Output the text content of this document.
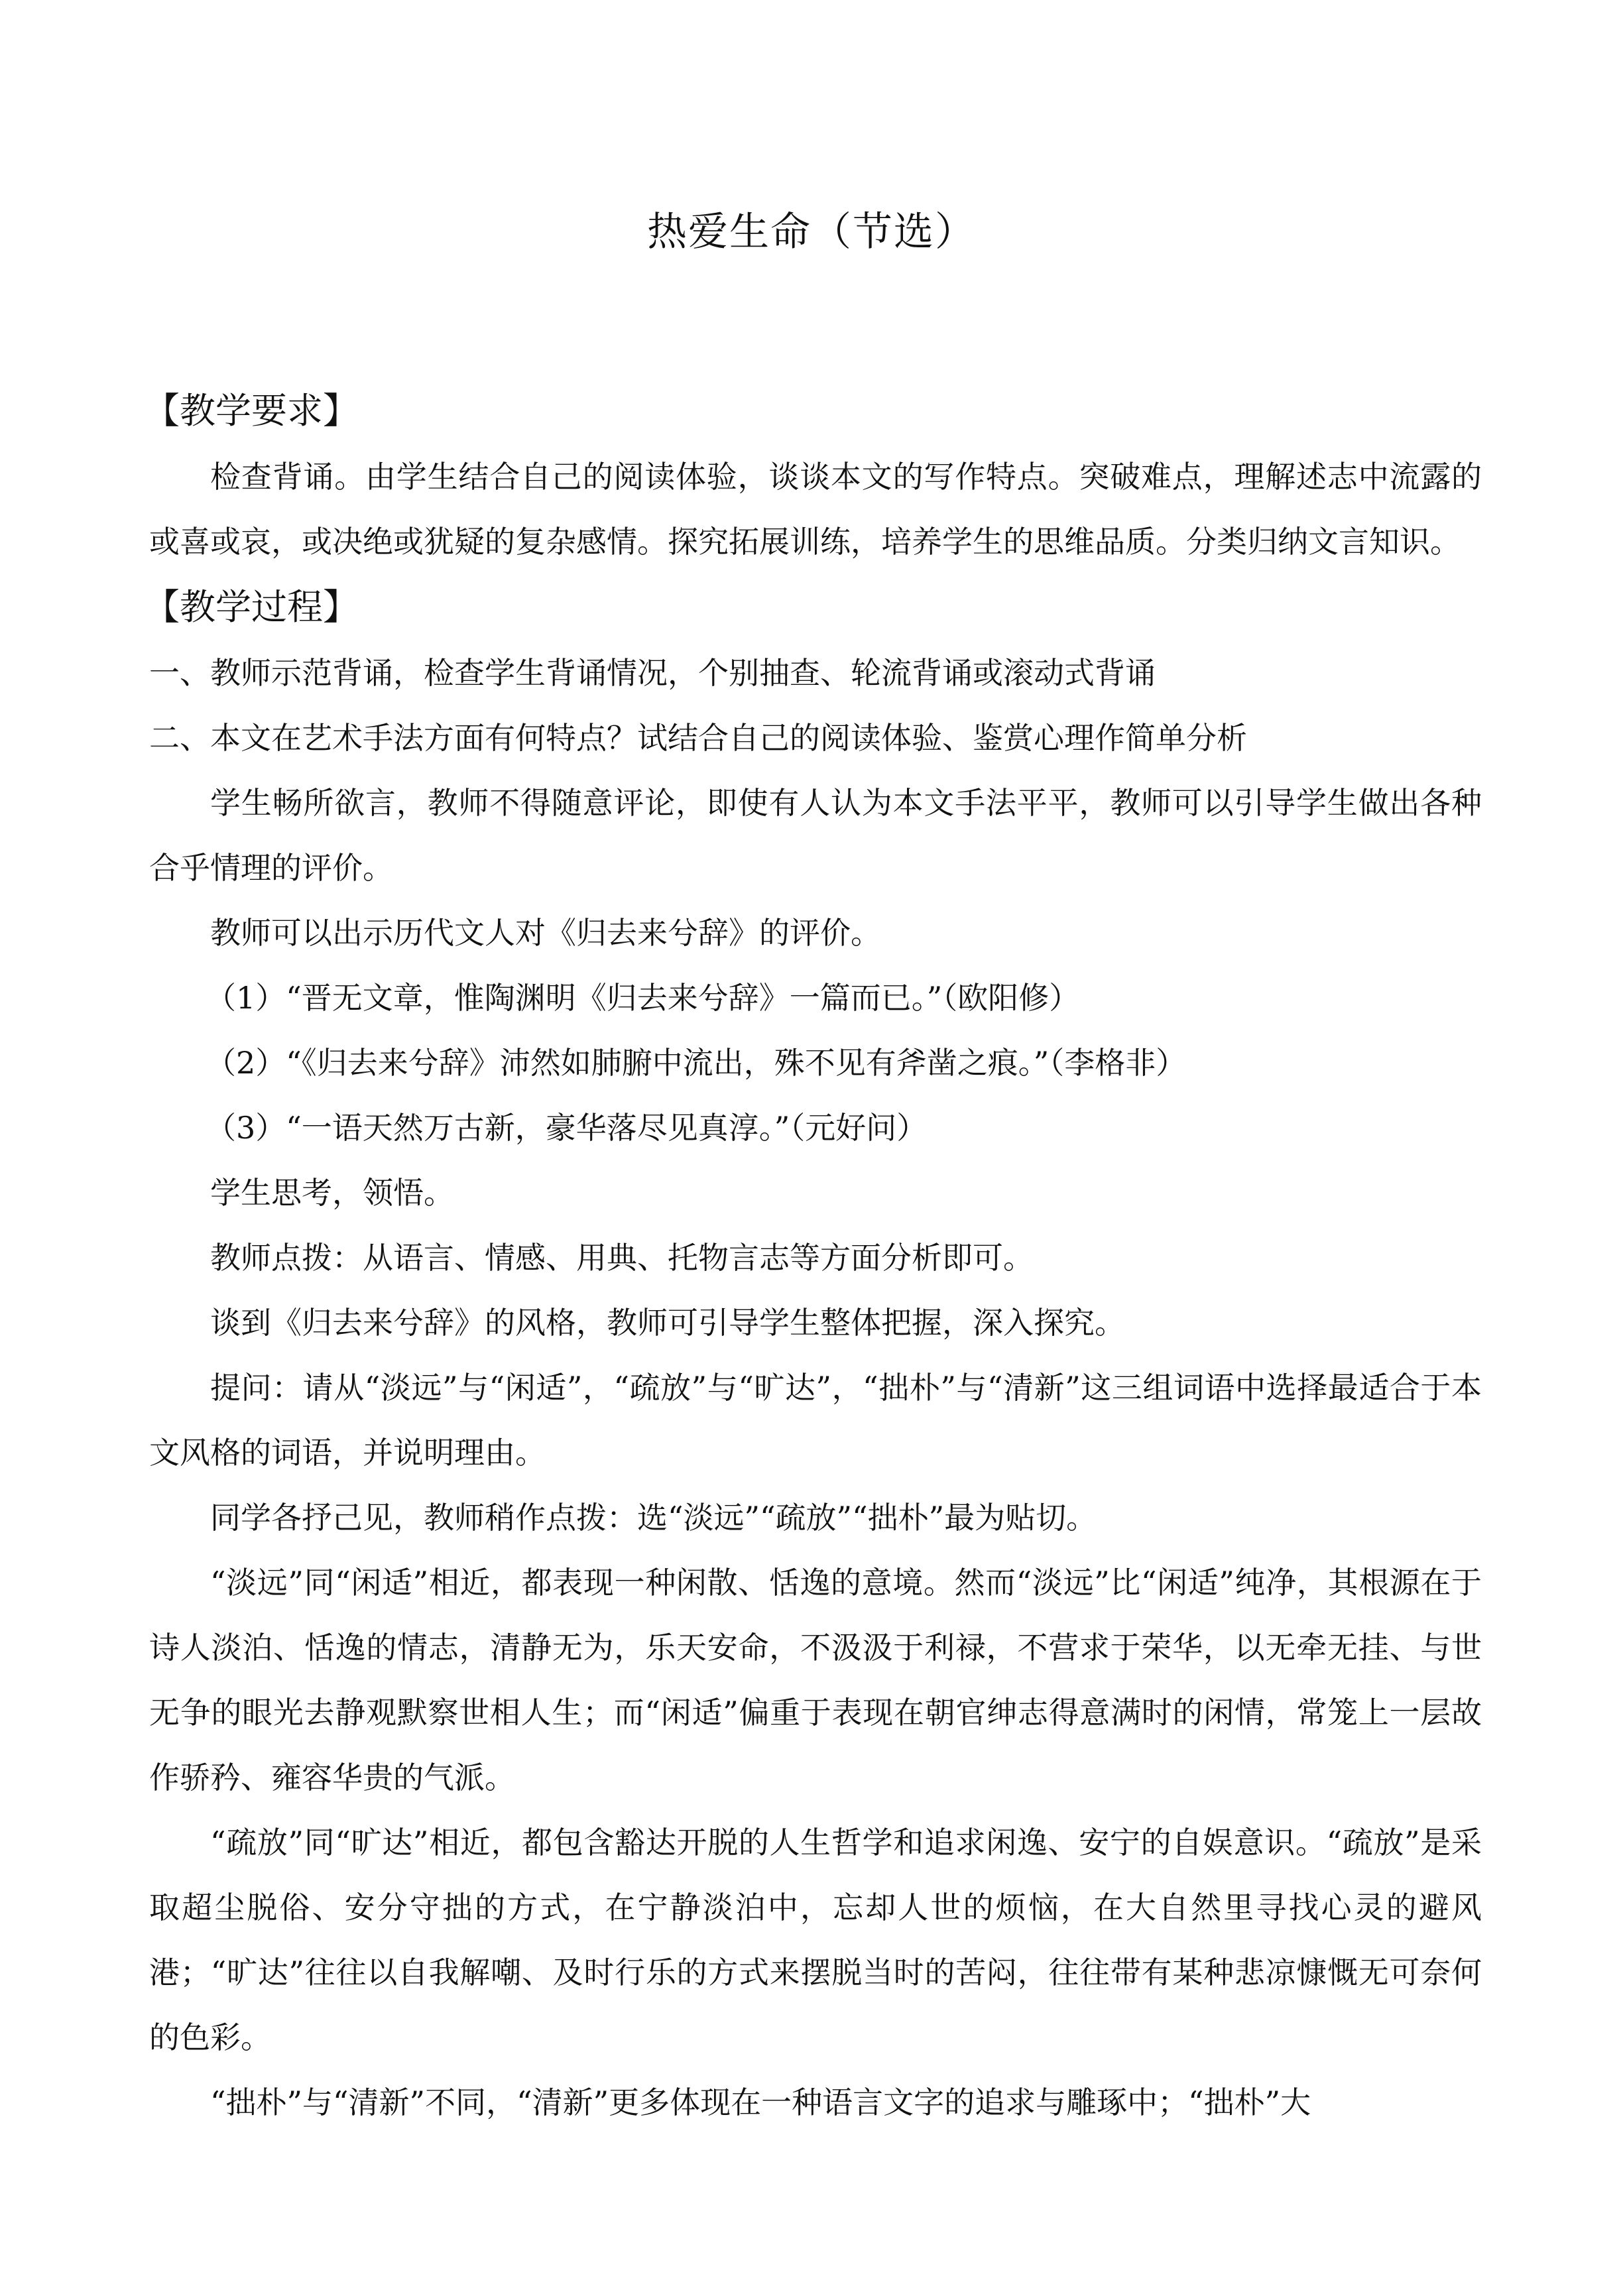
热爱生命（节选）
【教学要求】

检查背诵。由学生结合自己的阅读体验，谈谈本文的写作特点。突破难点，理解述志中流露的或喜或哀，或决绝或犹疑的复杂感情。探究拓展训练，培养学生的思维品质。分类归纳文言知识。

【教学过程】

一、教师示范背诵，检查学生背诵情况，个别抽查、轮流背诵或滚动式背诵

二、本文在艺术手法方面有何特点？试结合自己的阅读体验、鉴赏心理作简单分析

学生畅所欲言，教师不得随意评论，即使有人认为本文手法平平，教师可以引导学生做出各种合乎情理的评价。

教师可以出示历代文人对《归去来兮辞》的评价。

（1）“晋无文章，惟陶渊明《归去来兮辞》一篇而已。”（欧阳修）

（2）“《归去来兮辞》沛然如肺腑中流出，殊不见有斧凿之痕。”（李格非）

（3）“一语天然万古新，豪华落尽见真淳。”（元好问）

学生思考，领悟。

教师点拨：从语言、情感、用典、托物言志等方面分析即可。

谈到《归去来兮辞》的风格，教师可引导学生整体把握，深入探究。

提问：请从“淡远”与“闲适”，“疏放”与“旷达”，“拙朴”与“清新”这三组词语中选择最适合于本文风格的词语，并说明理由。

同学各抒己见，教师稍作点拨：选“淡远”“疏放”“拙朴”最为贴切。

“淡远”同“闲适”相近，都表现一种闲散、恬逸的意境。然而“淡远”比“闲适”纯净，其根源在于诗人淡泊、恬逸的情志，清静无为，乐天安命，不汲汲于利禄，不营求于荣华，以无牵无挂、与世无争的眼光去静观默察世相人生；而“闲适”偏重于表现在朝官绅志得意满时的闲情，常笼上一层故作骄矜、雍容华贵的气派。

“疏放”同“旷达”相近，都包含豁达开脱的人生哲学和追求闲逸、安宁的自娱意识。“疏放”是采取超尘脱俗、安分守拙的方式，在宁静淡泊中，忘却人世的烦恼，在大自然里寻找心灵的避风港；“旷达”往往以自我解嘲、及时行乐的方式来摆脱当时的苦闷，往往带有某种悲凉慷慨无可奈何的色彩。

“拙朴”与“清新”不同，“清新”更多体现在一种语言文字的追求与雕琢中；“拙朴”大
